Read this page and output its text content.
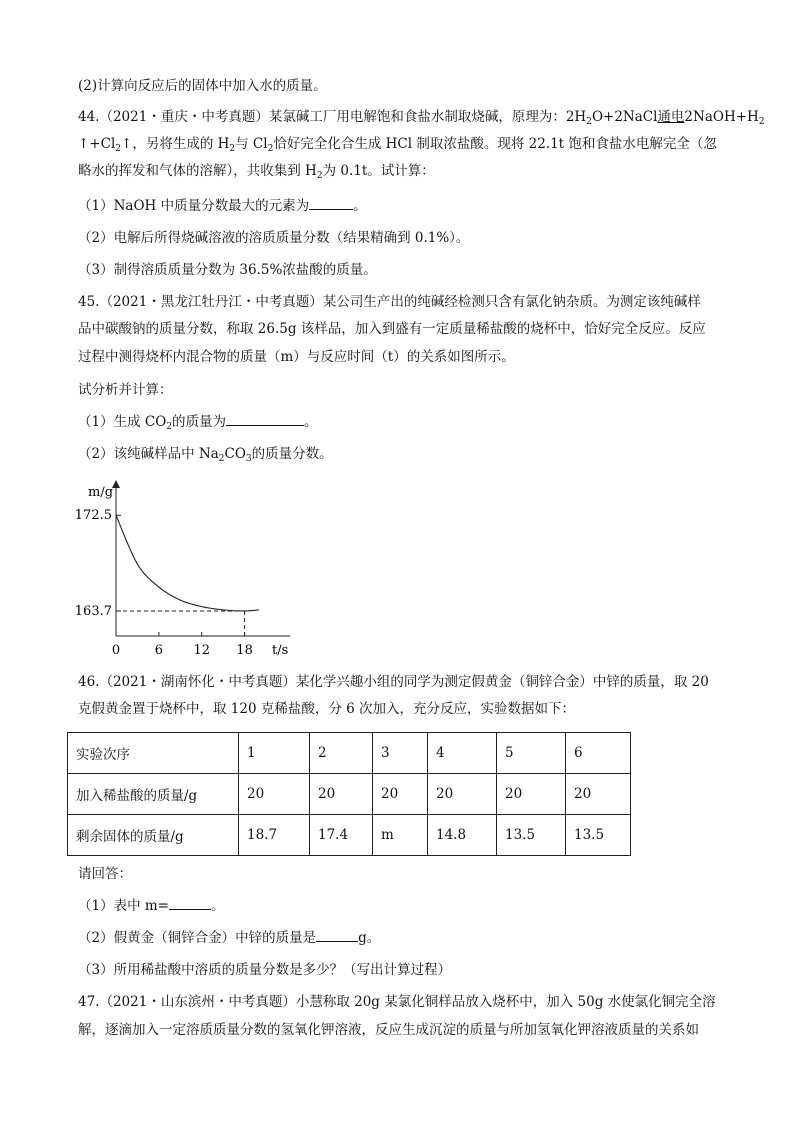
(2)计算向反应后的固体中加入水的质量。
44.（2021・重庆・中考真题）某氯碱工厂用电解饱和食盐水制取烧碱，原理为：$2H_2O+2NaCl$通电$2NaOH+H_2$
$↑+Cl_2↑$，另将生成的 $H_2$与 $Cl_2$恰好完全化合生成 HCl 制取浓盐酸。现将 22.1t 饱和食盐水电解完全（忽
略水的挥发和气体的溶解），共收集到 $H_2$为 0.1t。试计算：
（1）NaOH 中质量分数最大的元素为	。
（2）电解后所得烧碱溶液的溶质质量分数（结果精确到 0.1%）。
（3）制得溶质质量分数为 36.5%浓盐酸的质量。
45.（2021・黑龙江牡丹江・中考真题）某公司生产出的纯碱经检测只含有氯化钠杂质。为测定该纯碱样
品中碳酸钠的质量分数，称取 26.5g 该样品，加入到盛有一定质量稀盐酸的烧杯中，恰好完全反应。反应
过程中测得烧杯内混合物的质量（m）与反应时间（t）的关系如图所示。
试分析并计算：
（1）生成 $CO_2$的质量为	。
（2）该纯碱样品中 $Na_2CO_3$的质量分数。
m/g
t/s
0	6 12 18
172.5
163.7
46.（2021・湖南怀化・中考真题）某化学兴趣小组的同学为测定假黄金（铜锌合金）中锌的质量，取 20
克假黄金置于烧杯中，取 120 克稀盐酸，分 6 次加入，充分反应，实验数据如下：
实验次序	1	2	3	4	5	6
加入稀盐酸的质量/g	20	20	20	20	20	20
剩余固体的质量/g	18.7	17.4	m	14.8	13.5	13.5
请回答：
（1）表中 m=	。
（2）假黄金（铜锌合金）中锌的质量是	g。
（3）所用稀盐酸中溶质的质量分数是多少？（写出计算过程）
47.（2021・山东滨州・中考真题）小慧称取 20g 某氯化铜样品放入烧杯中，加入 50g 水使氯化铜完全溶
解，逐滴加入一定溶质质量分数的氢氧化钾溶液，反应生成沉淀的质量与所加氢氧化钾溶液质量的关系如
